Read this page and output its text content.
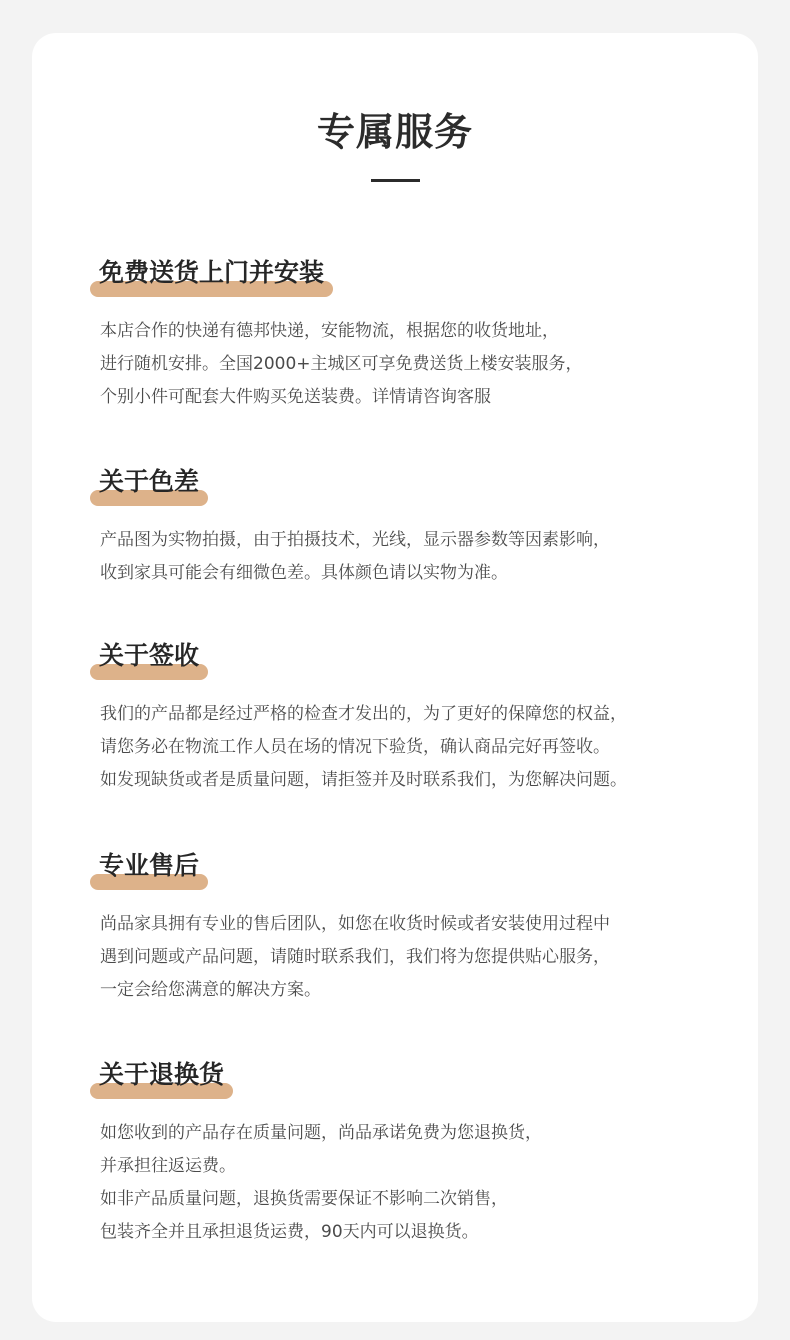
专属服务
免费送货上门并安装
本店合作的快递有德邦快递，安能物流，根据您的收货地址，
进行随机安排。全国2000+主城区可享免费送货上楼安装服务，
个别小件可配套大件购买免送装费。详情请咨询客服
关于色差
产品图为实物拍摄，由于拍摄技术，光线，显示器参数等因素影响，
收到家具可能会有细微色差。具体颜色请以实物为准。
关于签收
我们的产品都是经过严格的检查才发出的，为了更好的保障您的权益，
请您务必在物流工作人员在场的情况下验货，确认商品完好再签收。
如发现缺货或者是质量问题，请拒签并及时联系我们，为您解决问题。
专业售后
尚品家具拥有专业的售后团队，如您在收货时候或者安装使用过程中
遇到问题或产品问题，请随时联系我们，我们将为您提供贴心服务，
一定会给您满意的解决方案。
关于退换货
如您收到的产品存在质量问题，尚品承诺免费为您退换货，
并承担往返运费。
如非产品质量问题，退换货需要保证不影响二次销售，
包装齐全并且承担退货运费，90天内可以退换货。
